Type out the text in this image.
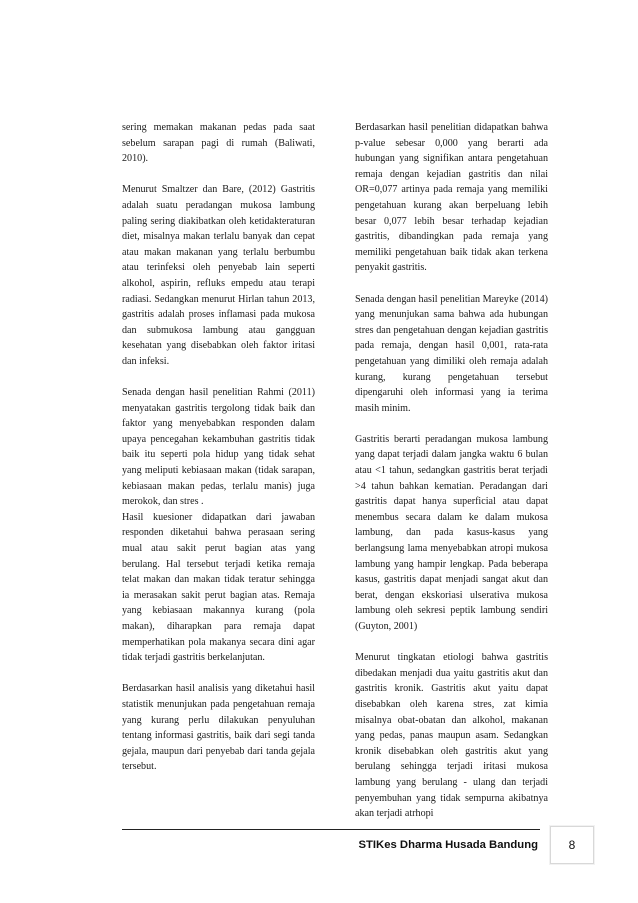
sering memakan makanan pedas pada saat sebelum sarapan pagi di rumah (Baliwati, 2010).

Menurut Smaltzer dan Bare, (2012) Gastritis adalah suatu peradangan mukosa lambung paling sering diakibatkan oleh ketidakteraturan diet, misalnya makan terlalu banyak dan cepat atau makan makanan yang terlalu berbumbu atau terinfeksi oleh penyebab lain seperti alkohol, aspirin, refluks empedu atau terapi radiasi. Sedangkan menurut Hirlan tahun 2013, gastritis adalah proses inflamasi pada mukosa dan submukosa lambung atau gangguan kesehatan yang disebabkan oleh faktor iritasi dan infeksi.

Senada dengan hasil penelitian Rahmi (2011) menyatakan gastritis tergolong tidak baik dan faktor yang menyebabkan responden dalam upaya pencegahan kekambuhan gastritis tidak baik itu seperti pola hidup yang tidak sehat yang meliputi kebiasaan makan (tidak sarapan, kebiasaan makan pedas, terlalu manis) juga merokok, dan stres .

Hasil kuesioner didapatkan dari jawaban responden diketahui bahwa perasaan sering mual atau sakit perut bagian atas yang berulang. Hal tersebut terjadi ketika remaja telat makan dan makan tidak teratur sehingga ia merasakan sakit perut bagian atas. Remaja yang kebiasaan makannya kurang (pola makan), diharapkan para remaja dapat memperhatikan pola makanya secara dini agar tidak terjadi gastritis berkelanjutan.

Berdasarkan hasil analisis yang diketahui hasil statistik menunjukan pada pengetahuan remaja yang kurang perlu dilakukan penyuluhan tentang informasi gastritis, baik dari segi tanda gejala, maupun dari penyebab dari tanda gejala tersebut.

Berdasarkan hasil penelitian didapatkan bahwa p-value sebesar 0,000 yang berarti ada hubungan yang signifikan antara pengetahuan remaja dengan kejadian gastritis dan nilai OR=0,077 artinya pada remaja yang memiliki pengetahuan kurang akan berpeluang lebih besar 0,077 lebih besar terhadap kejadian gastritis, dibandingkan pada remaja yang memiliki pengetahuan baik tidak akan terkena penyakit gastritis.

Senada dengan hasil penelitian Mareyke (2014) yang menunjukan sama bahwa ada hubungan stres dan pengetahuan dengan kejadian gastritis pada remaja, dengan hasil 0,001, rata-rata pengetahuan yang dimiliki oleh remaja adalah kurang, kurang pengetahuan tersebut dipengaruhi oleh informasi yang ia terima masih minim.

Gastritis berarti peradangan mukosa lambung yang dapat terjadi dalam jangka waktu 6 bulan atau <1 tahun, sedangkan gastritis berat terjadi >4 tahun bahkan kematian. Peradangan dari gastritis dapat hanya superficial atau dapat menembus secara dalam ke dalam mukosa lambung, dan pada kasus-kasus yang berlangsung lama menyebabkan atropi mukosa lambung yang hampir lengkap. Pada beberapa kasus, gastritis dapat menjadi sangat akut dan berat, dengan ekskoriasi ulserativa mukosa lambung oleh sekresi peptik lambung sendiri (Guyton, 2001)

Menurut tingkatan etiologi bahwa gastritis dibedakan menjadi dua yaitu gastritis akut dan gastritis kronik. Gastritis akut yaitu dapat disebabkan oleh karena stres, zat kimia misalnya obat-obatan dan alkohol, makanan yang pedas, panas maupun asam. Sedangkan kronik disebabkan oleh gastritis akut yang berulang sehingga terjadi iritasi mukosa lambung yang berulang - ulang dan terjadi penyembuhan yang tidak sempurna akibatnya akan terjadi atrhopi

STIKes Dharma Husada Bandung	8
